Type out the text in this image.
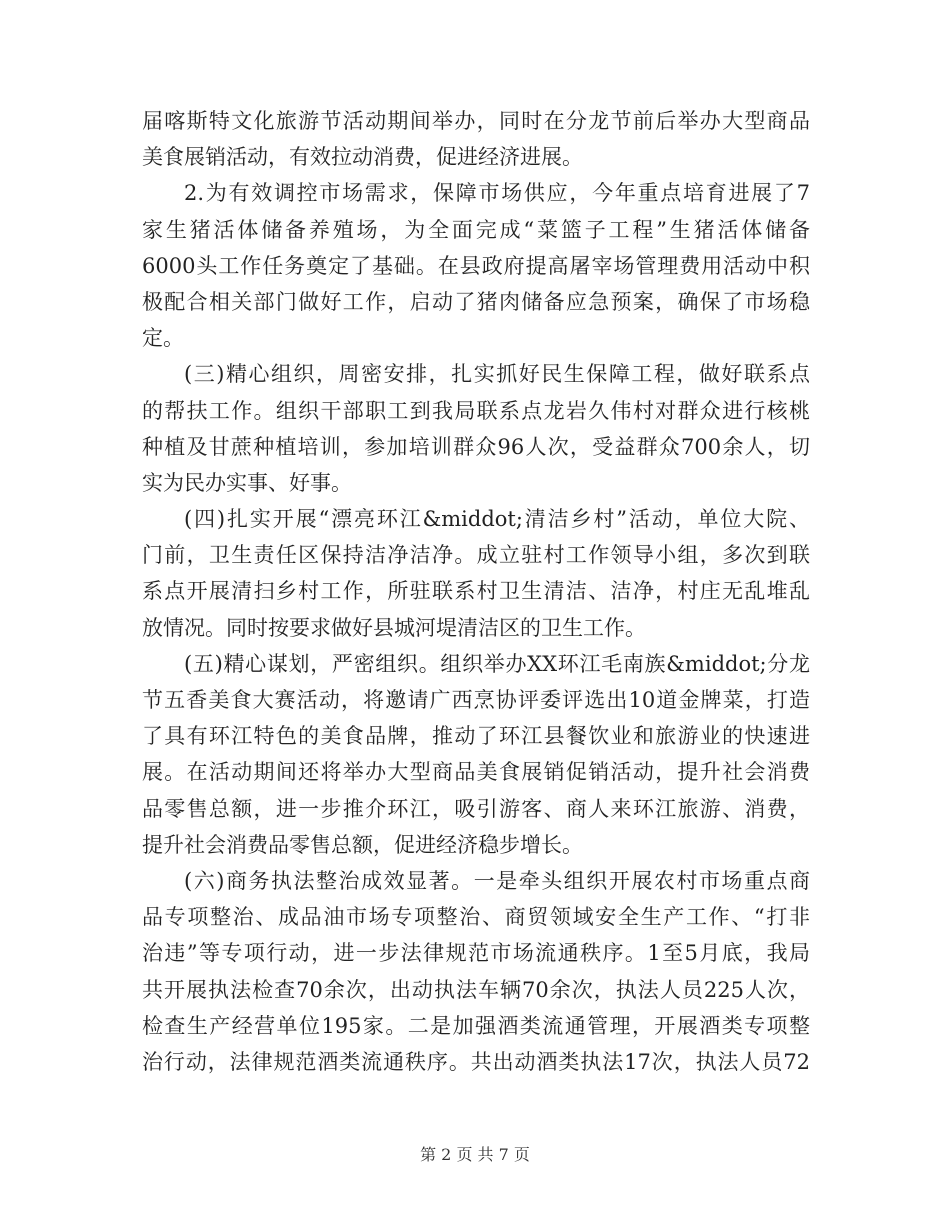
届喀斯特文化旅游节活动期间举办，同时在分龙节前后举办大型商品
美食展销活动，有效拉动消费，促进经济进展。
2.为有效调控市场需求，保障市场供应，今年重点培育进展了7
家生猪活体储备养殖场，为全面完成“菜篮子工程”生猪活体储备
6000头工作任务奠定了基础。在县政府提高屠宰场管理费用活动中积
极配合相关部门做好工作，启动了猪肉储备应急预案，确保了市场稳
定。
(三)精心组织，周密安排，扎实抓好民生保障工程，做好联系点
的帮扶工作。组织干部职工到我局联系点龙岩久伟村对群众进行核桃
种植及甘蔗种植培训，参加培训群众96人次，受益群众700余人，切
实为民办实事、好事。
(四)扎实开展“漂亮环江&middot;清洁乡村”活动，单位大院、
门前，卫生责任区保持洁净洁净。成立驻村工作领导小组，多次到联
系点开展清扫乡村工作，所驻联系村卫生清洁、洁净，村庄无乱堆乱
放情况。同时按要求做好县城河堤清洁区的卫生工作。
(五)精心谋划，严密组织。组织举办XX环江毛南族&middot;分龙
节五香美食大赛活动，将邀请广西烹协评委评选出10道金牌菜，打造
了具有环江特色的美食品牌，推动了环江县餐饮业和旅游业的快速进
展。在活动期间还将举办大型商品美食展销促销活动，提升社会消费
品零售总额，进一步推介环江，吸引游客、商人来环江旅游、消费，
提升社会消费品零售总额，促进经济稳步增长。
(六)商务执法整治成效显著。一是牵头组织开展农村市场重点商
品专项整治、成品油市场专项整治、商贸领域安全生产工作、“打非
治违”等专项行动，进一步法律规范市场流通秩序。1至5月底，我局
共开展执法检查70余次，出动执法车辆70余次，执法人员225人次，
检查生产经营单位195家。二是加强酒类流通管理，开展酒类专项整
治行动，法律规范酒类流通秩序。共出动酒类执法17次，执法人员72
第 2 页 共 7 页
